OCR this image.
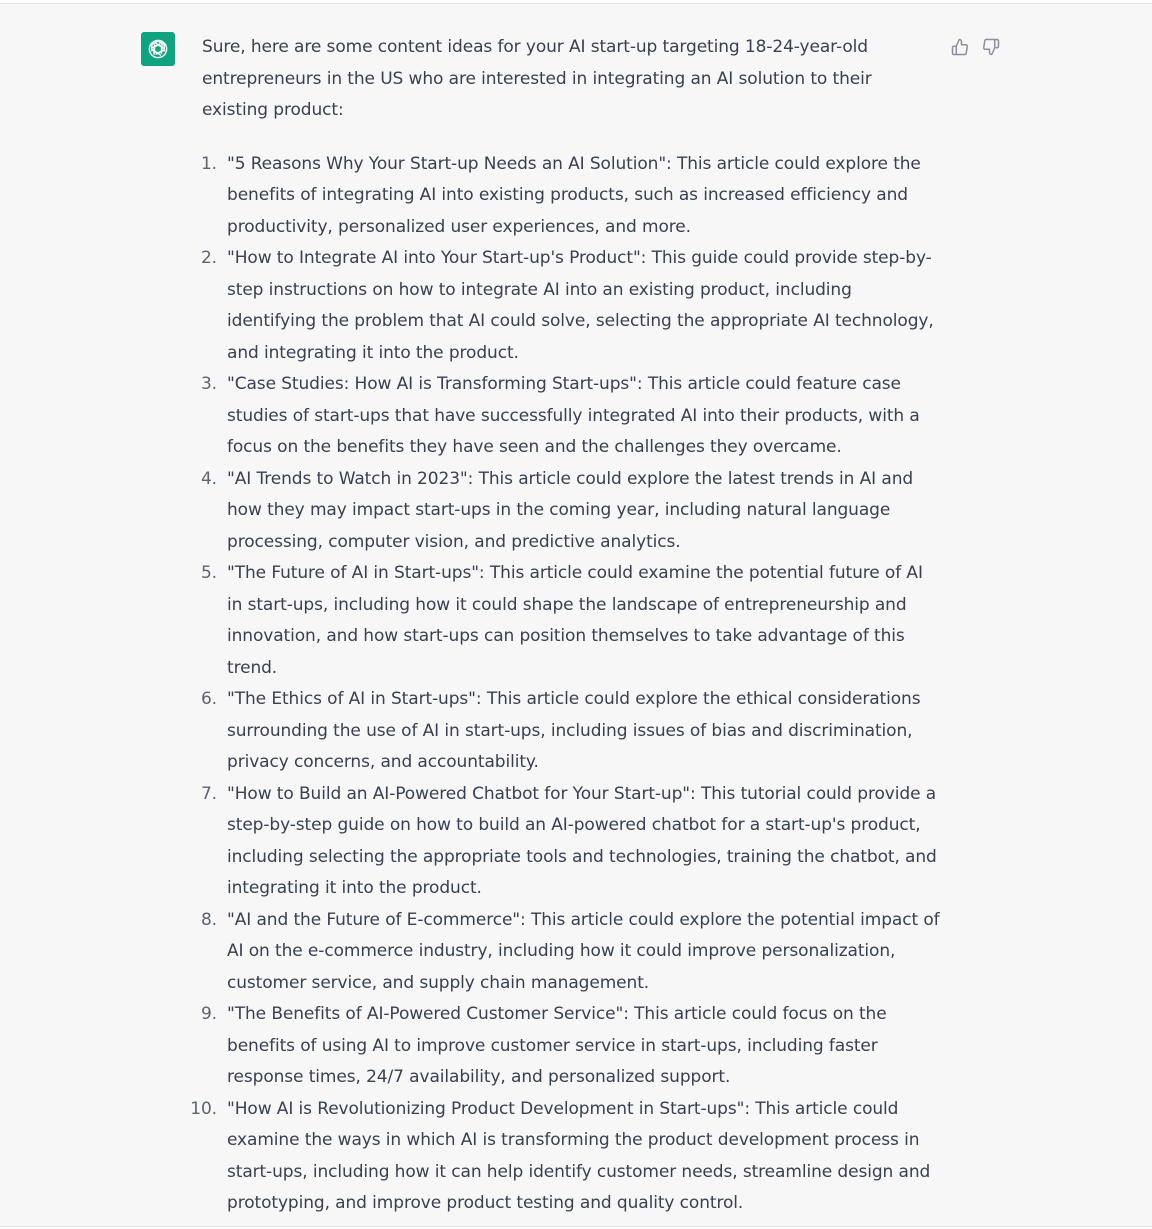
Sure, here are some content ideas for your AI start-up targeting 18-24-year-old entrepreneurs in the US who are interested in integrating an AI solution to their existing product:

1. "5 Reasons Why Your Start-up Needs an AI Solution": This article could explore the benefits of integrating AI into existing products, such as increased efficiency and productivity, personalized user experiences, and more.
2. "How to Integrate AI into Your Start-up's Product": This guide could provide step-by-step instructions on how to integrate AI into an existing product, including identifying the problem that AI could solve, selecting the appropriate AI technology, and integrating it into the product.
3. "Case Studies: How AI is Transforming Start-ups": This article could feature case studies of start-ups that have successfully integrated AI into their products, with a focus on the benefits they have seen and the challenges they overcame.
4. "AI Trends to Watch in 2023": This article could explore the latest trends in AI and how they may impact start-ups in the coming year, including natural language processing, computer vision, and predictive analytics.
5. "The Future of AI in Start-ups": This article could examine the potential future of AI in start-ups, including how it could shape the landscape of entrepreneurship and innovation, and how start-ups can position themselves to take advantage of this trend.
6. "The Ethics of AI in Start-ups": This article could explore the ethical considerations surrounding the use of AI in start-ups, including issues of bias and discrimination, privacy concerns, and accountability.
7. "How to Build an AI-Powered Chatbot for Your Start-up": This tutorial could provide a step-by-step guide on how to build an AI-powered chatbot for a start-up's product, including selecting the appropriate tools and technologies, training the chatbot, and integrating it into the product.
8. "AI and the Future of E-commerce": This article could explore the potential impact of AI on the e-commerce industry, including how it could improve personalization, customer service, and supply chain management.
9. "The Benefits of AI-Powered Customer Service": This article could focus on the benefits of using AI to improve customer service in start-ups, including faster response times, 24/7 availability, and personalized support.
10. "How AI is Revolutionizing Product Development in Start-ups": This article could examine the ways in which AI is transforming the product development process in start-ups, including how it can help identify customer needs, streamline design and prototyping, and improve product testing and quality control.
